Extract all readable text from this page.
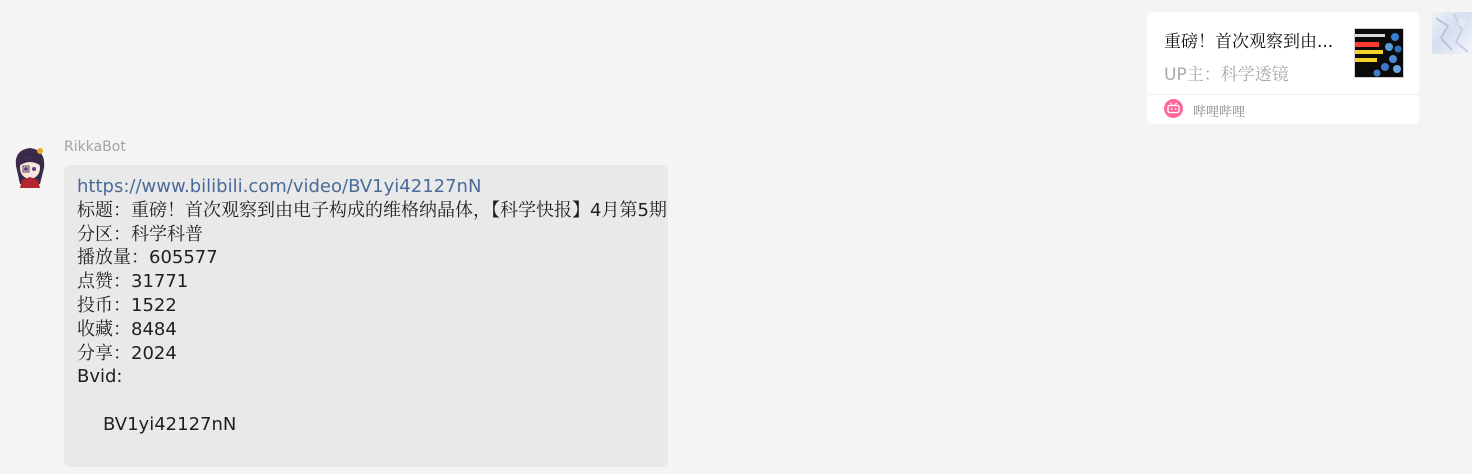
重磅！首次观察到由...
UP主：科学透镜
哔哩哔哩
RikkaBot
https://www.bilibili.com/video/BV1yi42127nN
标题：重磅！首次观察到由电子构成的维格纳晶体，【科学快报】4月第5期
分区：科学科普
播放量：605577
点赞：31771
投币：1522
收藏：8484
分享：2024
Bvid:
BV1yi42127nN
